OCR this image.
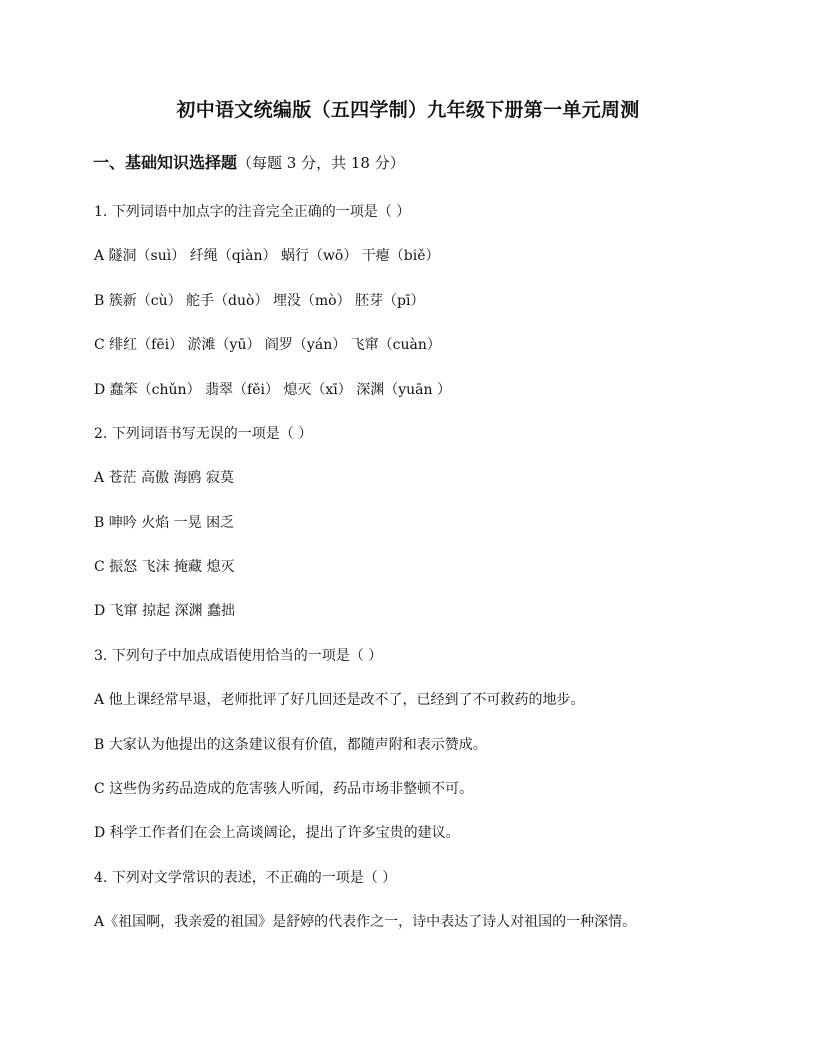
初中语文统编版（五四学制）九年级下册第一单元周测
一、基础知识选择题（每题 3 分，共 18 分）
1. 下列词语中加点字的注音完全正确的一项是（ ）
A 隧洞（suì） 纤绳（qiàn） 蜗行（wō） 干瘪（biě）
B 簇新（cù） 舵手（duò） 埋没（mò） 胚芽（pī）
C 绯红（fēi） 淤滩（yū） 阎罗（yán） 飞窜（cuàn）
D 蠢笨（chǔn） 翡翠（fěi） 熄灭（xī） 深渊（yuān ）
2. 下列词语书写无误的一项是（ ）
A 苍茫 高傲 海鸥 寂莫
B 呻吟 火焰 一晃 困乏
C 振怒 飞沫 掩藏 熄灭
D 飞窜 掠起 深渊 蠢拙
3. 下列句子中加点成语使用恰当的一项是（ ）
A 他上课经常早退，老师批评了好几回还是改不了，已经到了不可救药的地步。
B 大家认为他提出的这条建议很有价值，都随声附和表示赞成。
C 这些伪劣药品造成的危害骇人听闻，药品市场非整顿不可。
D 科学工作者们在会上高谈阔论，提出了许多宝贵的建议。
4. 下列对文学常识的表述，不正确的一项是（ ）
A《祖国啊，我亲爱的祖国》是舒婷的代表作之一，诗中表达了诗人对祖国的一种深情。
